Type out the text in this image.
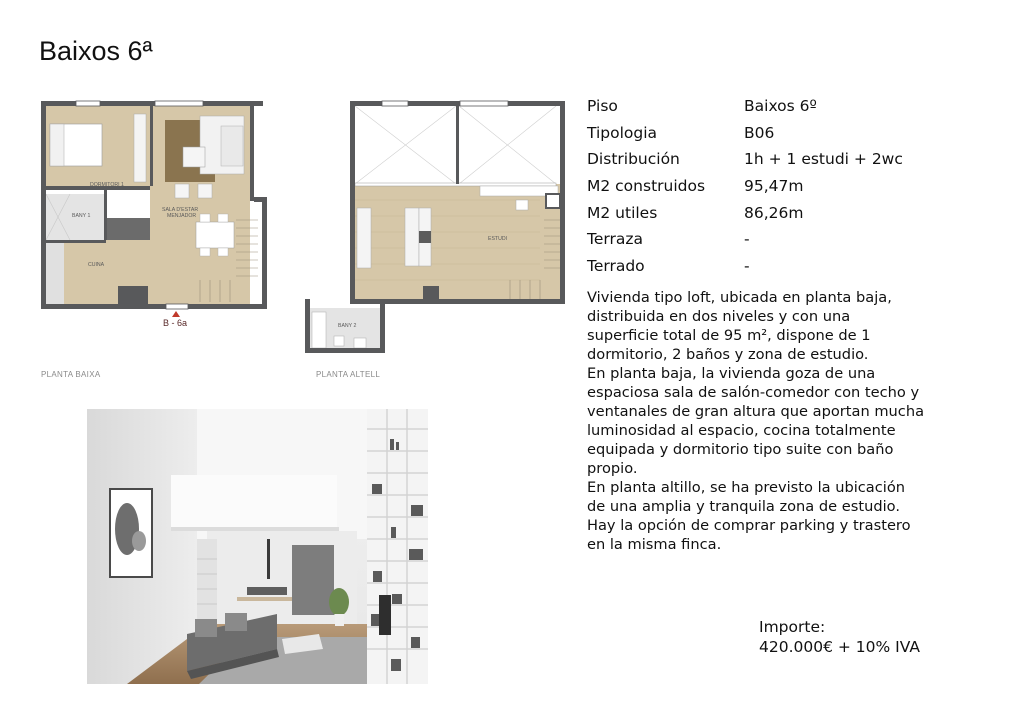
Baixos 6ª
DORMITORI 1
SALA D'ESTAR
MENJADOR
BANY 1
CUINA
B - 6a
ESTUDI
BANY 2
PLANTA BAIXA	PLANTA ALTELL
Piso	Baixos 6º
Tipologia	B06
Distribución	1h + 1 estudi + 2wc
M2 construidos	95,47m
M2 utiles	86,26m
Terraza	-
Terrado	-

Vivienda tipo loft, ubicada en planta baja,

distribuida en dos niveles y con una

superficie total de 95 m², dispone de 1

dormitorio, 2 baños y zona de estudio.

En planta baja, la vivienda goza de una

espaciosa sala de salón-comedor con techo y

ventanales de gran altura que aportan mucha

luminosidad al espacio, cocina totalmente

equipada y dormitorio tipo suite con baño

propio.

En planta altillo, se ha previsto la ubicación

de una amplia y tranquila zona de estudio.

Hay la opción de comprar parking y trastero

en la misma finca.

Importe:
420.000€ + 10% IVA
